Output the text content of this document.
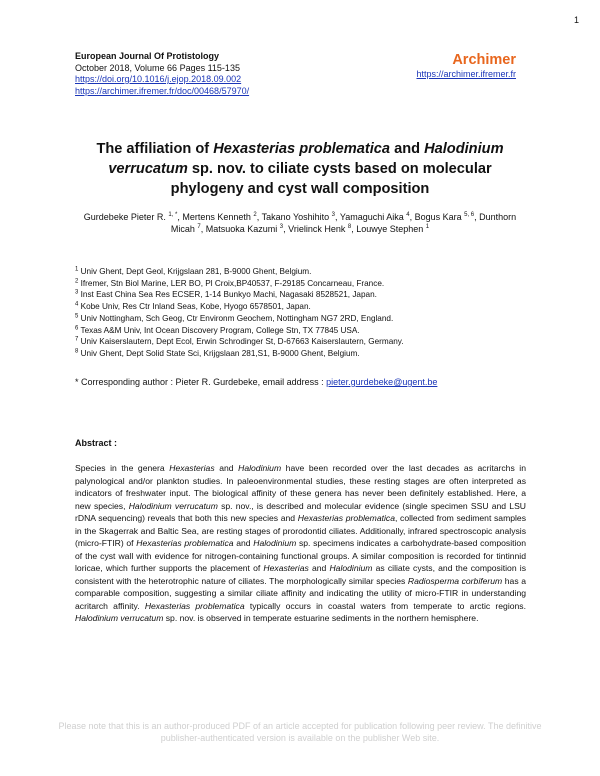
1
European Journal Of Protistology
October 2018, Volume 66 Pages 115-135
https://doi.org/10.1016/j.ejop.2018.09.002
https://archimer.ifremer.fr/doc/00468/57970/
Archimer
https://archimer.ifremer.fr
The affiliation of Hexasterias problematica and Halodinium verrucatum sp. nov. to ciliate cysts based on molecular phylogeny and cyst wall composition
Gurdebeke Pieter R. $^{1, *}$, Mertens Kenneth $^2$, Takano Yoshihito $^3$, Yamaguchi Aika $^4$, Bogus Kara $^{5, 6}$, Dunthorn Micah $^7$, Matsuoka Kazumi $^3$, Vrielinck Henk $^8$, Louwye Stephen $^1$
$^1$ Univ Ghent, Dept Geol, Krijgslaan 281, B-9000 Ghent, Belgium.
$^2$ Ifremer, Stn Biol Marine, LER BO, Pl Croix,BP40537, F-29185 Concarneau, France.
$^3$ Inst East China Sea Res ECSER, 1-14 Bunkyo Machi, Nagasaki 8528521, Japan.
$^4$ Kobe Univ, Res Ctr Inland Seas, Kobe, Hyogo 6578501, Japan.
$^5$ Univ Nottingham, Sch Geog, Ctr Environm Geochem, Nottingham NG7 2RD, England.
$^6$ Texas A&M Univ, Int Ocean Discovery Program, College Stn, TX 77845 USA.
$^7$ Univ Kaiserslautern, Dept Ecol, Erwin Schrodinger St, D-67663 Kaiserslautern, Germany.
$^8$ Univ Ghent, Dept Solid State Sci, Krijgslaan 281,S1, B-9000 Ghent, Belgium.
* Corresponding author : Pieter R. Gurdebeke, email address : pieter.gurdebeke@ugent.be
Abstract :
Species in the genera Hexasterias and Halodinium have been recorded over the last decades as acritarchs in palynological and/or plankton studies. In paleoenvironmental studies, these resting stages are often interpreted as indicators of freshwater input. The biological affinity of these genera has never been definitely established. Here, a new species, Halodinium verrucatum sp. nov., is described and molecular evidence (single specimen SSU and LSU rDNA sequencing) reveals that both this new species and Hexasterias problematica, collected from sediment samples in the Skagerrak and Baltic Sea, are resting stages of prorodontid ciliates. Additionally, infrared spectroscopic analysis (micro-FTIR) of Hexasterias problematica and Halodinium sp. specimens indicates a carbohydrate-based composition of the cyst wall with evidence for nitrogen-containing functional groups. A similar composition is recorded for tintinnid loricae, which further supports the placement of Hexasterias and Halodinium as ciliate cysts, and the composition is consistent with the heterotrophic nature of ciliates. The morphologically similar species Radiosperma corbiferum has a comparable composition, suggesting a similar ciliate affinity and indicating the utility of micro-FTIR in understanding acritarch affinity. Hexasterias problematica typically occurs in coastal waters from temperate to arctic regions. Halodinium verrucatum sp. nov. is observed in temperate estuarine sediments in the northern hemisphere.
Please note that this is an author-produced PDF of an article accepted for publication following peer review. The definitive publisher-authenticated version is available on the publisher Web site.
